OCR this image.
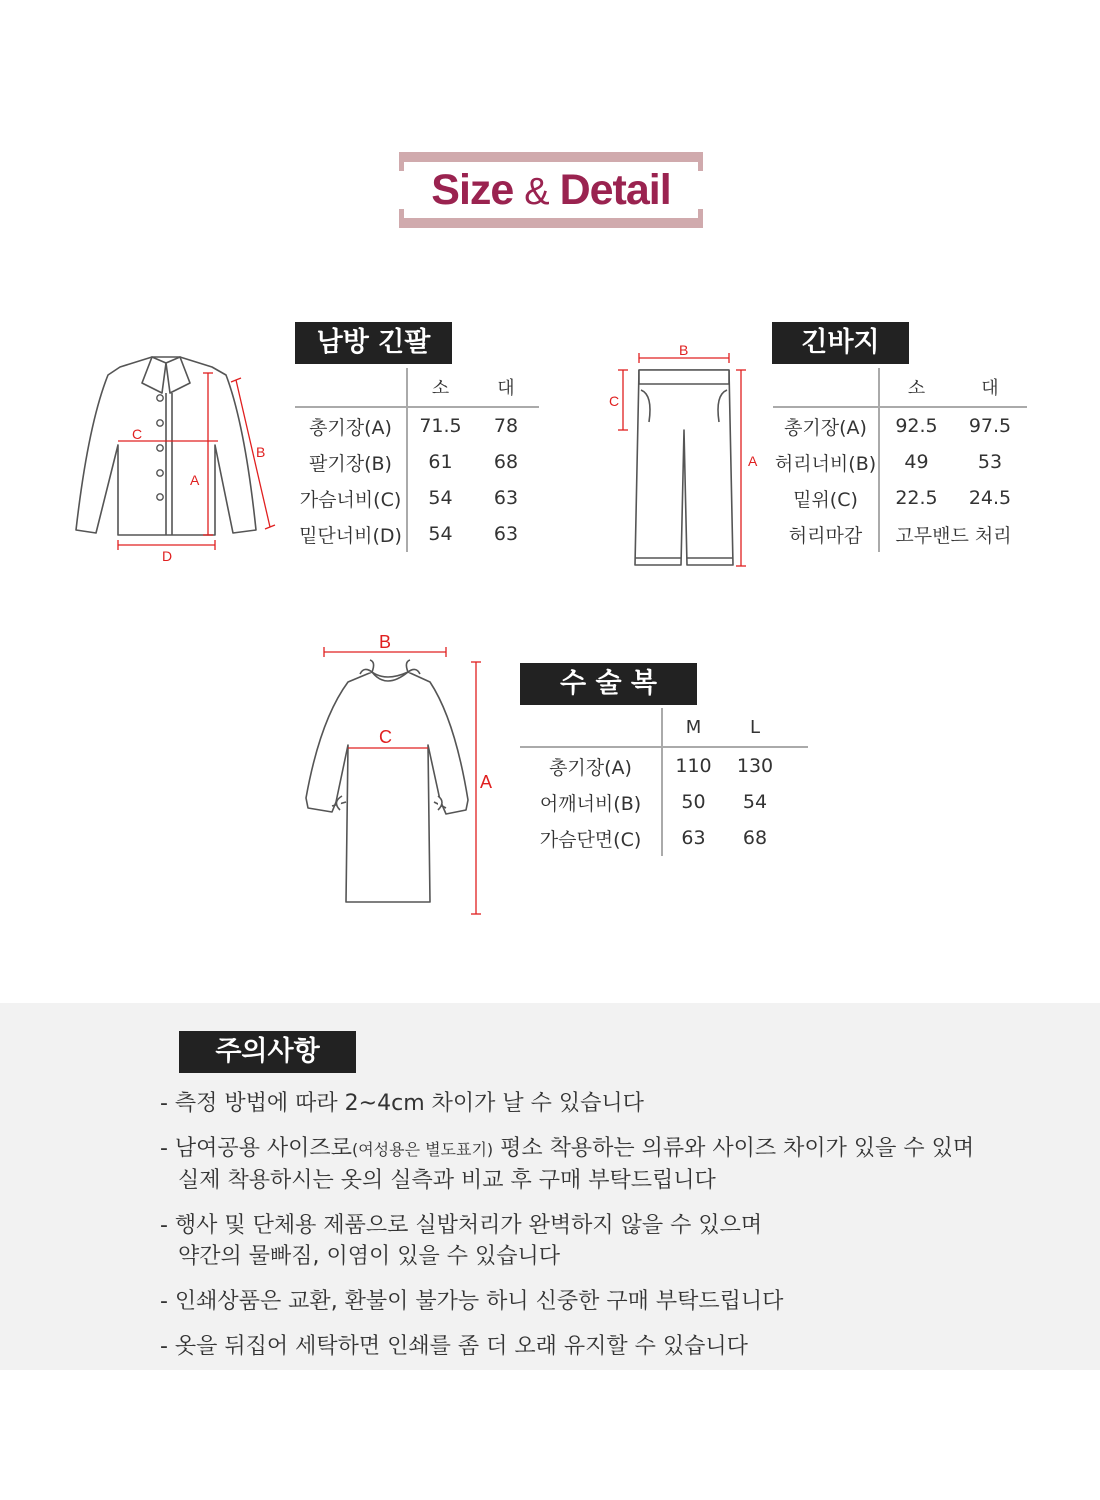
Size & Detail
C
A
B
D
남방 긴팔
	소	대
총기장(A)	71.5	78
팔기장(B)	61	68
가슴너비(C)	54	63
밑단너비(D)	54	63
B
C
A
긴바지
	소	대
총기장(A)	92.5	97.5
허리너비(B)	49	53
밑위(C)	22.5	24.5
허리마감	고무밴드 처리	
B
C
A
수 술 복
	M	L	
총기장(A)	110	130	
어깨너비(B)	50	54	
가슴단면(C)	63	68	
주의사항
- 측정 방법에 따라 2~4cm 차이가 날 수 있습니다
- 남여공용 사이즈로(여성용은 별도표기) 평소 착용하는 의류와 사이즈 차이가 있을 수 있며
실제 착용하시는 옷의 실측과 비교 후 구매 부탁드립니다
- 행사 및 단체용 제품으로 실밥처리가 완벽하지 않을 수 있으며
약간의 물빠짐, 이염이 있을 수 있습니다
- 인쇄상품은 교환, 환불이 불가능 하니 신중한 구매 부탁드립니다
- 옷을 뒤집어 세탁하면 인쇄를 좀 더 오래 유지할 수 있습니다
